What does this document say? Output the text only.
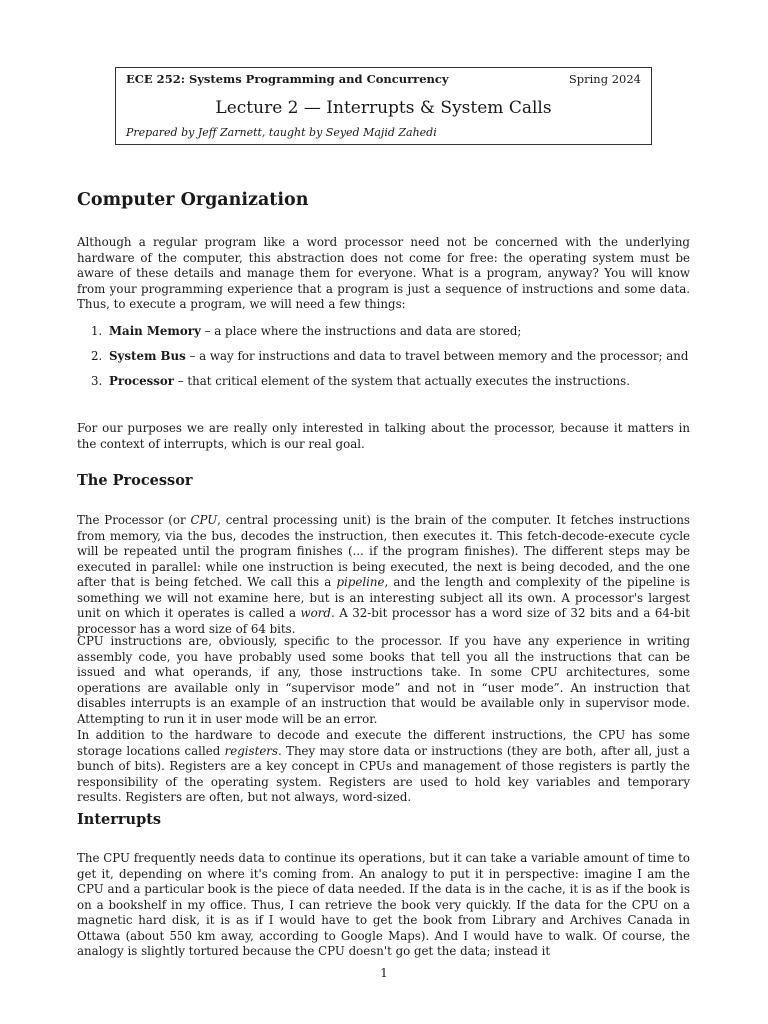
ECE 252: Systems Programming and Concurrency	Spring 2024
Lecture 2 — Interrupts & System Calls
Prepared by Jeff Zarnett, taught by Seyed Majid Zahedi
Computer Organization

Although a regular program like a word processor need not be concerned with the underlying hardware of the computer, this abstraction does not come for free: the operating system must be aware of these details and manage them for everyone. What is a program, anyway? You will know from your programming experience that a program is just a sequence of instructions and some data. Thus, to execute a program, we will need a few things:

1. Main Memory – a place where the instructions and data are stored;
2. System Bus – a way for instructions and data to travel between memory and the processor; and
3. Processor – that critical element of the system that actually executes the instructions.

For our purposes we are really only interested in talking about the processor, because it matters in the context of interrupts, which is our real goal.

The Processor

The Processor (or CPU, central processing unit) is the brain of the computer. It fetches instructions from memory, via the bus, decodes the instruction, then executes it. This fetch-decode-execute cycle will be repeated until the program finishes (... if the program finishes). The different steps may be executed in parallel: while one instruction is being executed, the next is being decoded, and the one after that is being fetched. We call this a pipeline, and the length and complexity of the pipeline is something we will not examine here, but is an interesting subject all its own. A processor's largest unit on which it operates is called a word. A 32-bit processor has a word size of 32 bits and a 64-bit processor has a word size of 64 bits.

CPU instructions are, obviously, specific to the processor. If you have any experience in writing assembly code, you have probably used some books that tell you all the instructions that can be issued and what operands, if any, those instructions take. In some CPU architectures, some operations are available only in “supervisor mode” and not in “user mode”. An instruction that disables interrupts is an example of an instruction that would be available only in supervisor mode. Attempting to run it in user mode will be an error.

In addition to the hardware to decode and execute the different instructions, the CPU has some storage locations called registers. They may store data or instructions (they are both, after all, just a bunch of bits). Registers are a key concept in CPUs and management of those registers is partly the responsibility of the operating system. Registers are used to hold key variables and temporary results. Registers are often, but not always, word-sized.

Interrupts

The CPU frequently needs data to continue its operations, but it can take a variable amount of time to get it, depending on where it's coming from. An analogy to put it in perspective: imagine I am the CPU and a particular book is the piece of data needed. If the data is in the cache, it is as if the book is on a bookshelf in my office. Thus, I can retrieve the book very quickly. If the data for the CPU on a magnetic hard disk, it is as if I would have to get the book from Library and Archives Canada in Ottawa (about 550 km away, according to Google Maps). And I would have to walk. Of course, the analogy is slightly tortured because the CPU doesn't go get the data; instead it

1
